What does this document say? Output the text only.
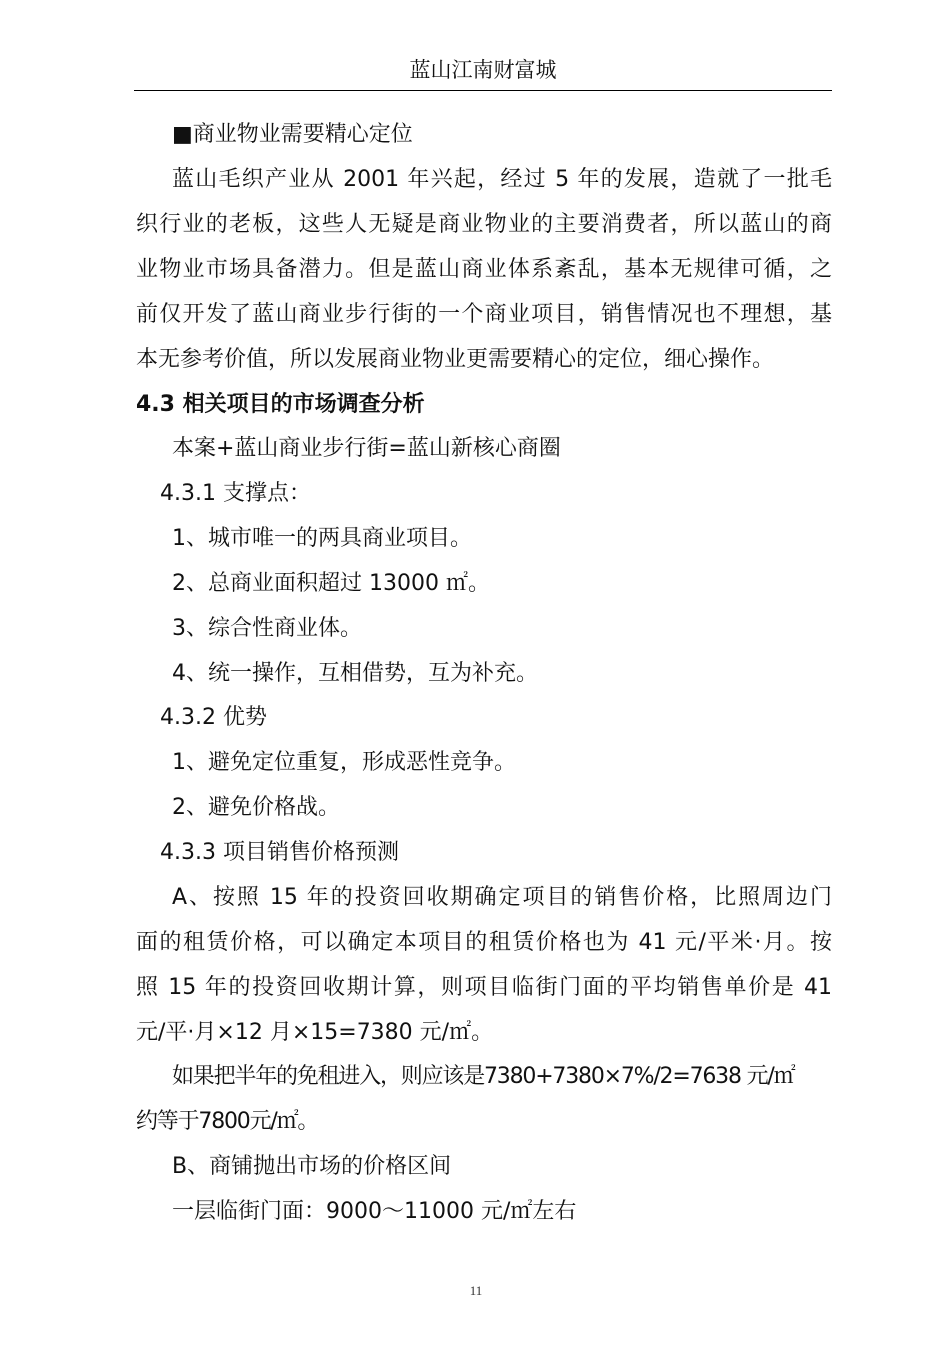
蓝山江南财富城
■商业物业需要精心定位
蓝山毛织产业从 2001 年兴起，经过 5 年的发展，造就了一批毛
织行业的老板，这些人无疑是商业物业的主要消费者，所以蓝山的商
业物业市场具备潜力。但是蓝山商业体系紊乱，基本无规律可循，之
前仅开发了蓝山商业步行街的一个商业项目，销售情况也不理想，基
本无参考价值，所以发展商业物业更需要精心的定位，细心操作。
4.3 相关项目的市场调查分析
本案+蓝山商业步行街=蓝山新核心商圈
4.3.1 支撑点：
1、城市唯一的两具商业项目。
2、总商业面积超过 13000 ㎡。
3、综合性商业体。
4、统一操作，互相借势，互为补充。
4.3.2 优势
1、避免定位重复，形成恶性竞争。
2、避免价格战。
4.3.3 项目销售价格预测
A、按照 15 年的投资回收期确定项目的销售价格，比照周边门
面的租赁价格，可以确定本项目的租赁价格也为 41 元/平米·月。按
照 15 年的投资回收期计算，则项目临街门面的平均销售单价是 41
元/平·月×12 月×15=7380 元/㎡。
如果把半年的免租进入，则应该是7380+7380×7%/2=7638 元/㎡
约等于7800元/㎡。
B、商铺抛出市场的价格区间
一层临街门面：9000～11000 元/㎡左右
11
